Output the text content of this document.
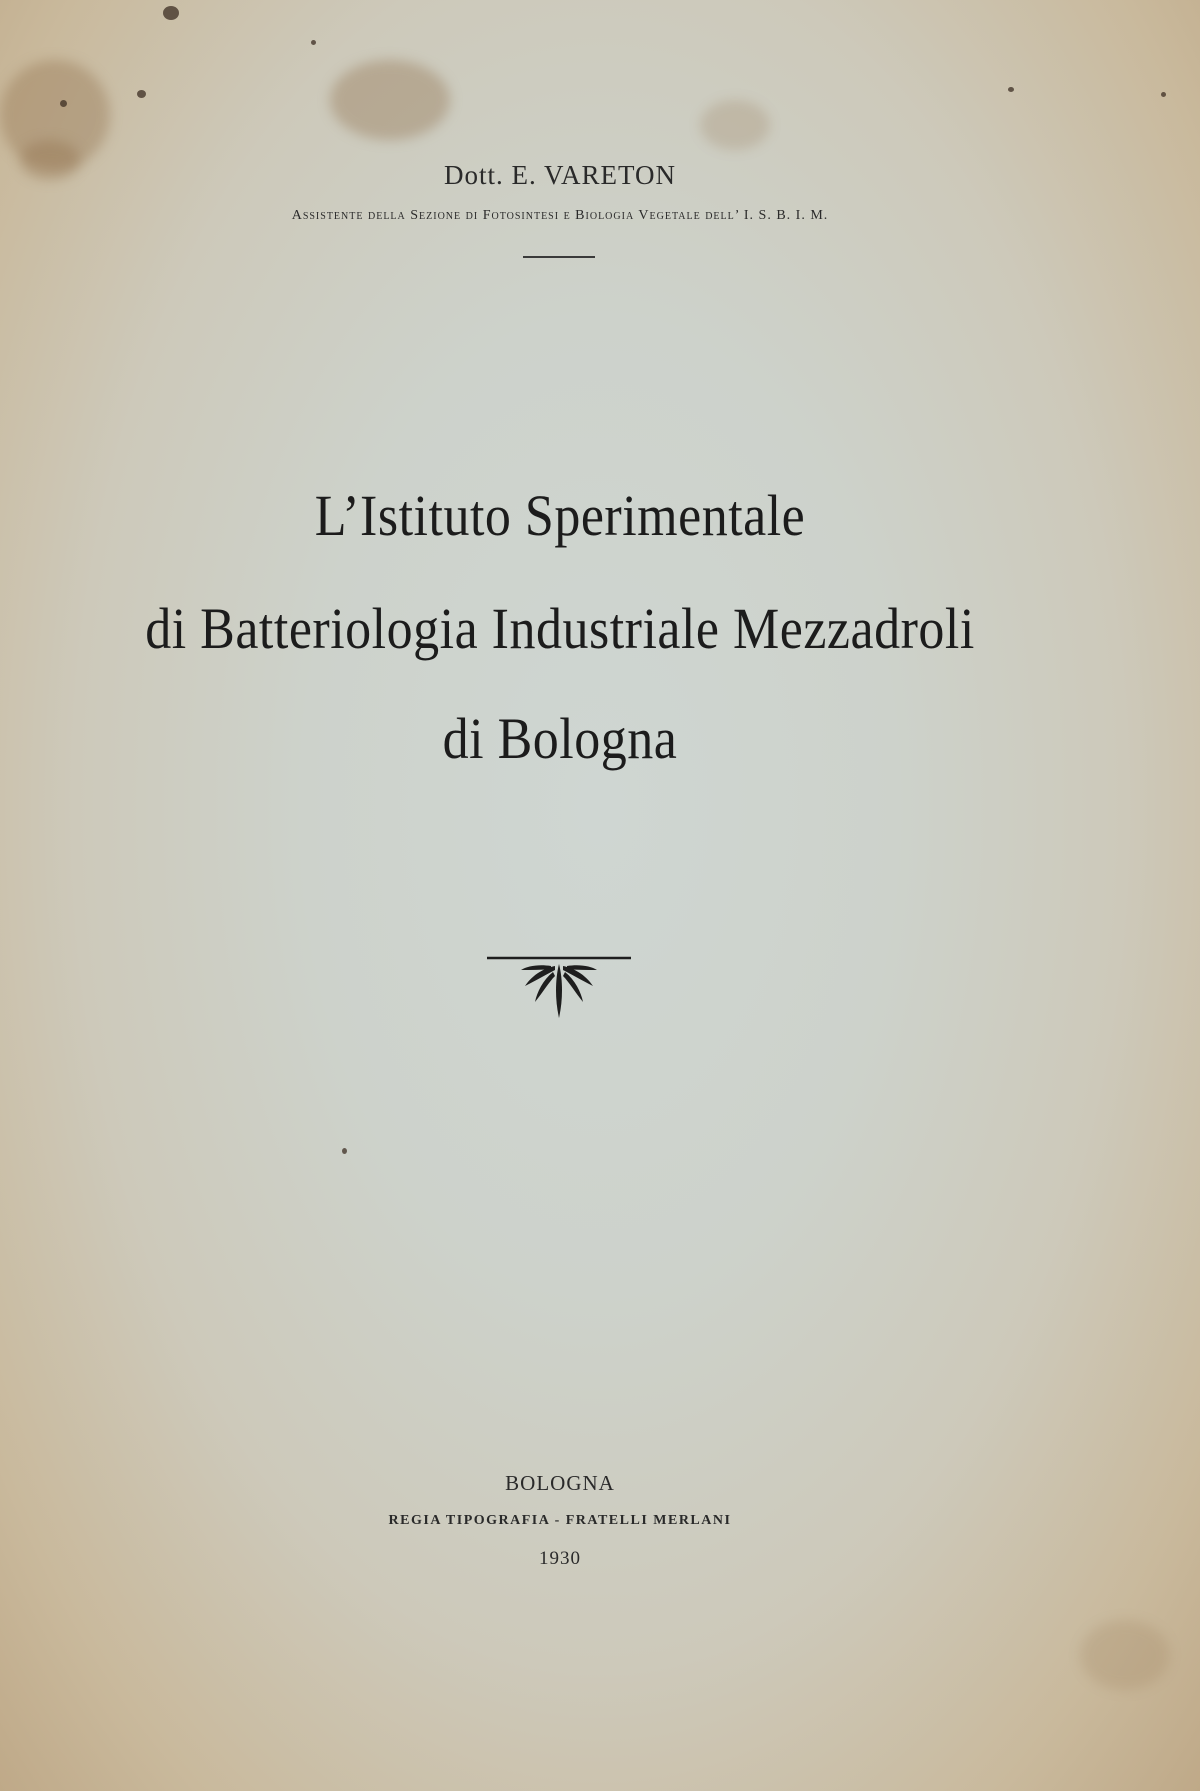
Dott. E. VARETON
Assistente della Sezione di Fotosintesi e Biologia Vegetale dell’ I. S. B. I. M.
L’Istituto Sperimentale
di Batteriologia Industriale Mezzadroli
di Bologna
BOLOGNA
REGIA TIPOGRAFIA - FRATELLI MERLANI
1930
